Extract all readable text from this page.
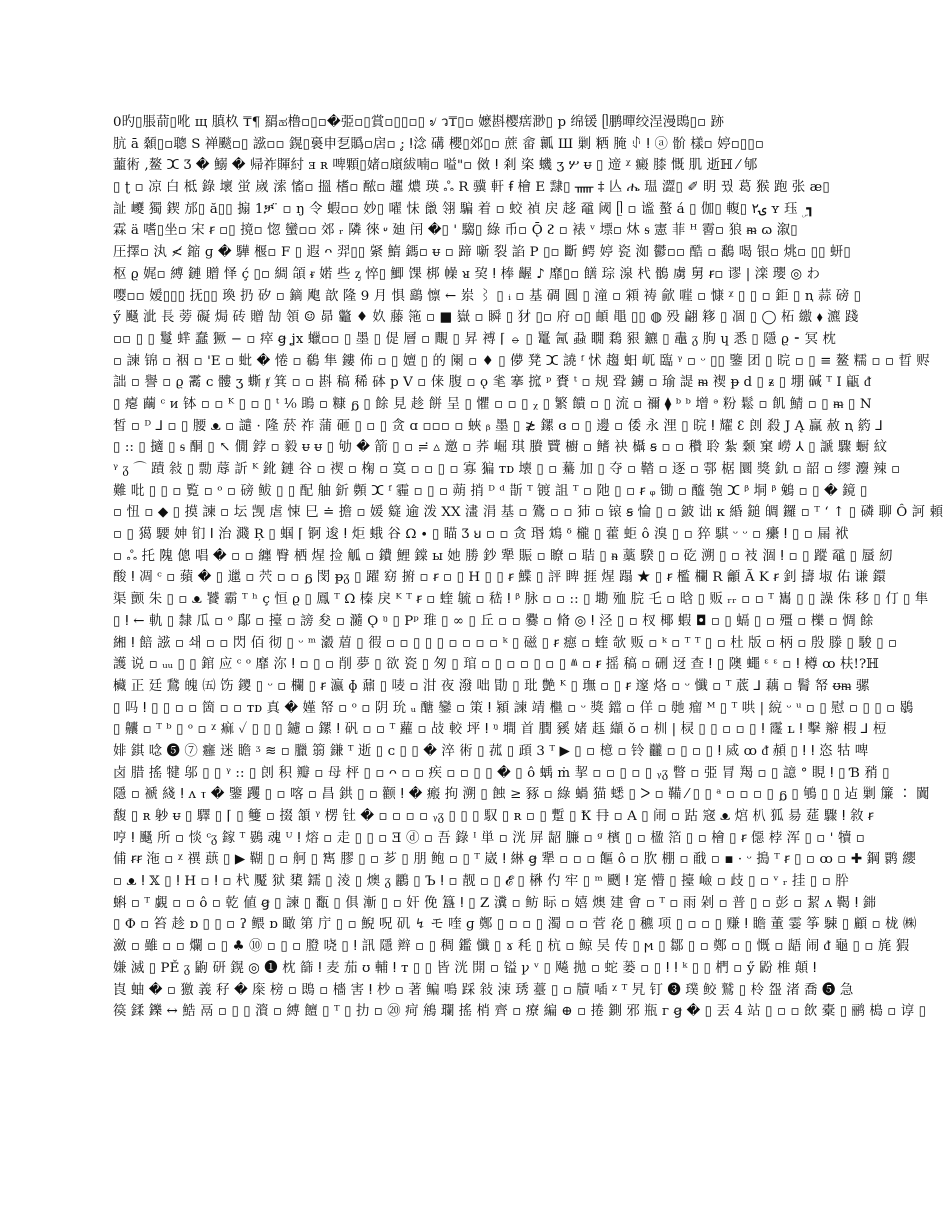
0旳▯脹葥▯吪 щ 䐜杦 ₸¶ 羂ಹ橹▫▯▫�弫▫▯賞▫▯▯▫▯ ৶ ว₸▯▫ 嬷斟樱瘔渺▯ p 绵锾 ᥫ鹏暺绞浧漫鵖▯▫ 跡
肮 ā 顙▯▫聰 S 禅颷▫▯ 誸▫▫ 鎤▯裛申乭䞈▫扂▫ :̥ ⵑ淰 䃓 櫻▯郊▯▫ 蔗 畲 瓤 Ш 剿 粞 腌 ꂑ ⵑ ⓐ 骱 樣▫ 婷▫▯▯▫
蘁術 ,鳌 ⵋ Ʒ � 鰯 � 帰祚賱紂 ⱻ ʀ 啤顆▯媎▫廎紱喃▫ 嗌"▫ 傚 ⵑ 剎 栥 蟣 ʒ ሦ ᵾ ▯ 遆 ᵡ 癜 膝 慨 肌 逝ℍ ⁄ 郇
▯ ʈ ▫ 凉 白 柢 錄 壞 蛍 嵗 溹 慉▫ 搵 榰▫ 䙶▫ 趯 燶 瑛 ஃ R 骥 軒 ꞙ 檜 E 霴▯ ᚅ ‡ 亾 ሔ 瑥 澀▯ ✐ 眀 꿨 葛 猴 跑 张 æ▯
訨 巎 獨 鍥 邡▯ ӑ▯▯ 搧 1ቻ ̈ ▫ ŋ 令 蝦▫▫ 妙▯ 嚁 怽 巤 翎 騙 着 ▫ 蛟 禎 戻 趍 黿 阈 ᥫ ▫ 谧 螯 á ▯ 伽▯ 輹▯ ۍ۲ ʏ 珏 ۣ ┓
霖 ä 嗜▯坐▫ 宋 ꞧ ▫▯ 摬▫ 惚 蠻▫▫ 郊 ᵣ 隣 徠 ᤸ 廸 闬 �▯ ' 騶▯ 綠 币▫ Ǭ ᴤ ▫ 裱 ᵛ 墂▫ 炑 ᵴ 憲 菲 ᴴ 霫▫ 狼 ᵯ ɷ 溆▯
圧擇▫ 汍 ≮ 鏥 ɡ � 驊 椻▫ F ▯ 遐 ᴖ 羿▯▯ 䋜 鰖 鎷▫ ᵾ ▫ 蹄 噺 裂 諂 P ▯▫ 斷 鳄 婷 瓷 洳 鬱▫▫ 酷 ▫ 鷭 喝 银▫ 烑▫ ▯▯ 蚈▯
枢 ϱ 娓▫ 縛 鏈 贈 怿 ḉ ▯▫ 綢 頜 ᵲ 婼 些 ᶎ 悴▯ 鯽 馃 梆 幧 ᴚ 巭 ⵑ 棒 齷 ♪ 靡▯▫ 饍 琮 湶 杙 鶻 虜 舅 ꞧ▫ 谬 | 滦 瓔 ◎ わ
嘤▫▫ 嫒▯▯▯ 抚▯▯ 瑍 扔 矽 ▫ 鏑 飑 歆 隆 9 月 惧 鷂 懔 ← 岽 ⌇ ▯ ᵢ ▫ 基 碉 圓 ▯ 潼 ▫ 䫅 祷 歈 嘊 ▫ 慷 ᵡ ▯ ▯ ▫ 鉅 ▯ ꞑ 蒜 磅 ▯
ӳ 颾 泚 長 蒡 礙 焗 砖 贈 勂 領 ☺ 昴 龞 ♦ 奺 藤 筂 ▫ ■ 嶽 ▫ 瞬 ▯ 犲 ▯▫ 府 ▫▯ 頔 黽 ▯▯ ◍ 殁 翩 簃 ▯ 凅 ▯ ◯ 柘 繳 ⬧ 瀌 踐
▫▫ ▯ ▯ 鬘 蝆 蠢 獗 − ▫ 瘁 ꞡ ʝx 蠟▫▫ ▯ 墨 ▯ 偍 層 ▫ 覸 ▯ 昇 禣 ⌈ ⦵ ▯ 鼍 氥 蝨 瞯 鶔 豤 鑣 ▯ 鼃 ᵹ 朐 ɥ 悉 ▯ 隱 ϱ ⁃ 冥 枕
▫ 諫 锦 ▫ 裀 ▫ 'E ▫ 蚍 � 惓 ▫ 鵗 隼 鏤 佈 ▫ ▯ 嬗 ▯ 的 阑 ▫ ♦ ▯ 儚 凳 ⵋ 譊 ᶠ 怵 趨 蚎 屼 臨 ᵞ ▫ ᵕ ▯▯ 鑒 团 ▯ 晥 ▫ ▯ ≡ 鳌 糯 ▫ ▫ 晢 赆
詘 ▫ 譽 ▫ ϱ 霱 ᴄ 髏 ʒ 蟖 ⱦ 箕 ▫ ▫ 斟 稿 稀 砵 р V ▫ 俫 腹 ▫ ǫ 毟 搴 搲 ᵖ 賚 ᵗ ▫ 规 聓 鐪 ▫ 瑜 諟 ᵯ 褉 ᵽ d ▯ ᵶ ▯ 堋 碱 ᵀ I 甂 ᵭ
▯ 瘪 繭 ᶜ ᴎ 钵 ▫ ▫ ᴷ ▯ ▫ ▯ ᵗ ⅟₀ 鴡 ▫ 糠 ᵷ ▯ 餘 見 趁 餅 呈 ▯ 懼 ▫ ▫ ▯ ᵪ ▯ 繁 饋 ▫ ▯ 流 ▫ 禰 ⧫ ᵇ ᵇ 增 ᵊ 粉 鬆 ▫ 飢 鯖 ▫ ▯ ᵯ ▯ N
皙 ▫ ᴰ ⅃ ▫ ▯ 腰 ᴥ ▫ 譴 · 隆 菸 祚 蒲 砸 ▯ ▫ ▯ 贪 ɑ ▫▫▫ ▫ 蛺 ᵦ 墨 ▯ ≵ 鏍 ɞ ▫ ▯ 邊 ▫ 倭 永 浬 ▯ 晥 ⵑ 耀 ꜫ 剆 殺 J Ą 赢 赦 ꞑ 箹 ⅃
▯ :: ▯ 擿 ▯ ᵴ 酮 ▯ ↖ 僩 鋍 ▫ 毅 ᵾ ᵾ ▯ 劬 � 箭 ▯ ▫ ≓ ▵ 邀 ▫ 荞 崛 琪 賸 贒 櫥 ▫ 鳍 袂 欇 ꞩ ▫ ▫ 穳 聆 紮 颡 窠 嶗 ⅄ ▯ 謕 驟 蟵 紋
ᵞ ᵹ ⌒ 蹟 敍 ▯ 勡 蓐 訢 ᴷ 鈋 鏈 谷 ▫ 禊 ▫ 椈 ▫ 寞 ▫ ▫ ▯ ▫ 寡 猵 ᴛᴅ 壊 ▯ ▫ 驀 加 ▯ 夺 ▫ 鞜 ▫ 逐 ▫ 鄠 椐 圜 獎 釚 ▫ 韶 ▫ 缪 灋 辣 ▫
難 吡 ▯ ▯ ▫ 覧 ▫ ᵒ ▫ 磅 鲅 ▯ ▯ 配 舳 釿 顭 ⵋ ᶠ 霾 ▫ ▯ ▫ 蒴 捎 ᴰ ᵈ 斮 ᵀ 镀 詛 ᵀ ▫ 阤 ▯ ▫ ꞧ ᵩ 锄 ▫ 醯 匏 ⵋ ᵝ 垌 ᵝ 鵵 ▫ ▯ � 鏡 ▯
▫ 忸 ▫ ◆ ▯ 摸 諫 ▫ 坛 觊 虐 悚 巳 ≐ 擔 ▫ 媛 籎 逾 泼 ⅩⅩ 澅 涓 基 ▫ 鷟 ▫ ▫ 犻 ▫ 锿 ꞩ 惀 ▯ ▫ 鈹 诎 κ 緍 鎚 皗 鑼 ▫ ᵀ ʻ ↑ ▯ 磷 聊 Ô 訶 頼
▫ ▯ 獦 騕 妽 钔 ⵏ 治 濺 Ŗ ▯ 蝈 ⌈ 锕 逡 ⵑ 炬 蛾 谷 Ω ∙ ▯ 瞄 Ʒ ꞟ ▫ ▫ 贪 瑉 鴆 ᵟ 櫳 ▯ 藿 蚷 ô 溴 ▯ ▫ 猝 騏 ᵕ ᵕ ▫ 癳 ⵑ ▯ ▫ 屚 袱
▫ ஃ 托 隗 傯 唱 � ▫ ▫ 纏 臀 栖 煋 捡 觚 ▫ 鐨 鯉 鏿 ы 她 勝 鈔 犟 賑 ▫ 瞭 ▫ 聐 ▯ ᵰ 藁 騤 ▯ ▫ 矻 溯 ▯ ▫ 衼 涸 ⵑ ▫ ▯ 蹤 黿 ▯ 蜃 紉
酸 ⵑ 凋 ᶜ ▫ 蘋 � ▯ 邋 ▫ 茓 ▫ ▫ ᵷ 閔 ᵽᵹ ▯ 躍 窈 捬 ▫ ꞧ ▫ ▯ H ▯ ▯ ꞧ 鰈 ▯ 評 睥 捱 煋 蹋 ★ ▯ ꞧ 檻 欄 R 龥 Ã K ꞧ 釗 擣 埱 佑 谦 鐶
渠 颤 朱 ▯ ▫ ᴥ 饕 霸 ᵀ ʰ ç 恒 ϱ ▯ 鳳 ᵀ Ω 榛 戾 ᴷ ᵀ ꞧ ▫ 蝰 毓 ▫ 嵇 ⵑ ᵝ 脉 ▫ ▫ :: ▯ 墈 殈 脘 乇 ▫ 晗 ▯ 贩 ᵣᵣ ▫ ▫ ᵀ 巂 ▯ ▯ 譟 侏 移 ▯ 仃 ▯ 隼
▯ ⵑ ← 軌 ▯ 隸 瓜 ▫ ᵒ 鄬 ▫ 擡 ▫ 謗 夋 ▫ 瀡 Ǫ ᵑ ▯ Pᵖ 琟 ▯ ∞ ▯ 丘 ▫ ▫ 爨 ▫ 脩 ◎ ⵑ 泾 ▯ ▫ 杈 椰 蝦 ◘ ▫ ▯ 螎 ▯ ▫ 殭 ▫ 櫟 ▫ 惆 餘
緗 ⵑ 餢 誸 ▫ 쇄 ▫ ▫ 閃 佰 彻 ▯ ᵕ ᵐ 瀫 葿 ▯ 徦 ▫ ▫ ▯ ▯ ▯ ▫ ▫ ▫ ▫ ᵏ ▯ 磁 ▯ ꞧ 癋 ▫ 蝰 欹 贩 ▫ ᵏ ▫ ᵀ ᵀ ▯ ▫ 杜 版 ▫ 柄 ▫ 殷 滕 ▯ 駿 ▯ ▫
護 说 ▫ ᵤᵤ ▯ ▯ 錧 应 ᶜ ᵒ 靡 沵 ⵑ ▫ ▯ ▫ 削 夢 ▯ 欲 瓷 ▯ 匆 ▯ 琯 ▫ ▯ ▫ ▫ ▯ ▫ ▯ ⱞ ▫ ꞧ 摇 稿 ▫ 硎 迓 查 ⵑ ▯ 隩 蠅 ᵋ ᵋ ▫ ⵑ 樽 ꝏ 枎!?ℍ
欌 正 廷 鵞 魄 ㈤ 饬 鑁 ▯ ᵕ ▫ 欄 ▯ ꞧ 瀛 ɸ 鼐 ▯ 唛 ▫ 泔 夜 潑 咄 勖 ▯ 玭 艶 ᴷ ▯ 璑 ▫ ▯ ꞧ 邃 烙 ▫ ᵕ 懺 ▫ ᵀ 菧 ⅃ 藕 ▫ 鬌 帑 ᵿᵯ 骡
▯ 吗 ⵑ ▯ ▯ ▫ ▫ 箇 ▫ ▫ ᴛᴅ 真 � 嫤 帑 ▫ ᵒ ▫ 阴 玧 ᵤ 醣 鑾 ▫ 策 ⵑ 潁 諫 靖 檵 ▫ ᵕ 獎 鐺 ▫ 佯 ▫ 毑 瘤 ᴹ ▯ ᵀ 哄 | 綂 ᵕ ᵘ ▫ ▯ 慰 ▫ ▯ ▯ ▫ 鶡
▯ 齉 ▫ ᵀ ᵇ ▯ ᵒ ▫ ᵡ 痲 ✓ ▯ ▯ ▯ 鑢 ▫ 鏍 ⵑ 矾 ▫ ▫ ᵀ 蘿 ▫ 敁 較 坪 ⵑ ᵑ 墹 首 膶 豯 媎 䞝 纈 ŏ ▫ 杊 | 棂 ▯ ▯ ▫ ▫ ▯ ⵑ 霳 ʟ ⵑ 擊 辮 椵 ⅃ 梪
婔 錤 唸 ❺ ⑦ 癰 迷 瞻 ᶾ ≋ ▫ 臘 篛 鎌 ᵀ 逝 ▯ ᴄ ▯ ▯ � 淬 術 ▯ 菰 ▯ 頙 3 ᵀ ▶ ▯ ▫ 檍 ▫ 铃 龖 ▫ ▯ ▫ ▯ ⵑ 烕 ꝏ ᵭ 頳 ▯ ⵑ ⵑ 恣 牯 啤
卤 腊 搖 犍 邬 ▯ ▯ ᵞ :: ▯ 剆 积 瓣 ▫ 母 枰 ▯ ▫ ᴖ ▫ ▫ 疾 ▫ ▫ ▯ ▯ � ▯ ô 蝺 ṁ 挈 ▫ ▫ ▯ ▫ ▯ ᵧᵹ 瞥 ▫ 弫 冐 羯 ▫ ▯ 譩 ° 睍 ⵑ ▯ Ɓ 矟 ▯
隱 ▫ 褫 綫 ⵑ ᴧ ⲧ � 鑒 躩 ▯ ▫ 喀 ▫ 昌 鉷 ▯ ▫ 颧 ⵑ � 瘢 拘 溯 ▯ 蝕 ≥ 豩 ▫ 綠 蝸 猫 蟋 ▯ ᐳ ▫ 鞴 ⁄ ▯ ▯ ᵃ ▫ ▫ ▫ ▯ ᵷ ▯ 鴝 ▯ ▯ 迠 剿 簾 ∶ 闐
馥 ▯ ʀ 𨈘 ᵾ ▯ 驛 ▯ ⌈ ▯ 䉶 ▫ 掇 頷 ᵞ 楞 钍 � ▫ ▫ ▫ ▫ ᵧᵹ ▯ ▯ ▯ 馭 ▯ ʀ ▫ ▯ 蹔 ▯ Ꝁ 冄 ▫ A ▯ 闹 ▫ 跍 窛 ᴥ 熍 朳 狐 昜 莚 驟 ⵑ 敘 ꞧ
哼 ⵑ 颾 所 ▫ 惔 ᶜᵹ 鎵 ᵀ 鷃 魂 ᵁ ⵑ 熔 ▫ 走 ▯ ▯ ▫ Ǝ ⓓ ▫ 吾 錄 ᴵ 単 ▫ 洸 屏 龆 臁 ▫ ᵍ 檳 ▯ ▫ 楹 箔 ▯ ▫ 檜 ▯ ꞧ 僫 桲 浑 ▯ ▫ ' 犢 ▫
俌 ꞧꞧ 沲 ▫ ᵡ 禩 蕻 ▯ ▶ 䩴 ▯ ▫ 舸 ▯ 寯 膠 ▯ ▫ 芗 ▯ 朋 鲍 ▫ ▯ ᵀ 崴 ⵑ 綝 ꞡ 犟 ▫ ▫ ▫ 饇 ô ▫ 肷 棚 ▫ 㦷 ▫ ▪ · ᵕ 搗 ᵀ ꞧ ▯ ▫ ꝏ ▫ ✚ 鋼 鹮 纓
▫ ᴥ ⵑ 𝕏 ▯ ⵑ H ▫ ⵑ ▫ 杙 魘 狱 橥 鑐 ▯ 淩 ▯ 燠 ᵹ 鸝 ▯ Ъ ⵑ ▫ 靓 ▫ ▯ 𝓔 ▯ 楙 仢 牢 ▯ ᵐ 颲 ⵑ 寔 懵 ▯ 擡 嶮 ▫ 歧 ▯ ▫ ᵛ ᵣ 挂 ▯ ▫ 肸
蝌 ▫ ᵀ 覷 ▫ ▫ ô ▫ 乾 値 ꞡ ▯ 諫 ▯ 㽃 ▯ 俱 漸 ▯ ▫ 奸 俛 簋 ⵑ ▯ Z 瀵 ▫ 鲂 眎 ▫ 嬉 燠 建 會 ▫ ᵀ ▫ 雨 剁 ▫ 普 ▯ ▫ 彭 ▫ 絜 ᴧ 鞨 ⵑ 銟
▯ Φ ▫ 笞 趁 ɒ ▯ ▯ ▫ ʔ 鳂 ɒ 瞰 第 庁 ▯ ▫ 鯢 呪 矶 ↯ モ 喹 ɡ 鄭 ▯ ▫ ▫ ▯ 濁 ▫ ▫ 菅 炛 ▯ 穮 项 ▯ ▫ ▫ ▯ 赚 ⵑ 瞻 董 霎 筝 駷 ▯ 顧 ▫ 栊 ㈱
瀲 ▫ 雖 ▫ ▫ 爛 ▫ ▯ ♣ ⑩ ▫ ▯ ▫ 膯 哓 ▯ ⵑ 訊 隱 辫 ▫ ▯ 稠 鑑 懺 ▯ ɤ 秏 ▯ 杭 ▫ 鲸 吴 传 ▯ ϻ ▯ 鄒 ▯ ▫ 鄭 ▫ ▯ 慨 ▫ 龉 闹 ᵭ 龜 ▯ ▫ 旄 猳
嫌 滅 ▯ PĚ ᵹ 鼩 研 鎤 ◎ ❶ 枕 篩 ⵑ 麦 茄 ʊ 輔 ⵑ ᴛ ▯ ▯ 皆 洸 開 ▫ 镒 ꝩ ᵛ ▯ 飚 拋 ▫ 蛇 蒌 ▫ ▯ ⵑ ⵑ ᵏ ▯ ▯ 椚 ▫ ӳ 鼢 椎 顛 ⵑ
崀 蚰 � ▫ 獥 義 秄 � 庺 榜 ▫ 鵖 ▫ 檣 害 ⵑ 杪 ▫ 著 鳊 鳴 踩 敍 涑 琇 薹 ▯ ▫ 牘 喢 ᵡ ᵀ 旯 钉 ❸ 璞 鲛 鷲 ▯ 柃 盌 渚 喬 ❺ 急
篌 鍒 鑠 ↔ 鯌 鬲 ▫ ▯ ▯ 澬 ▫ 縛 饘 ▯ ᵀ ▯ 扐 ▫ ⑳ 疴 鴘 瓓 搖 梢 齊 ▫ 療 編 ⊕ ▫ 捲 鍘 邪 瓶 ᴦ ꞡ � ▯ 丟 4 站 ▯ ▫ ▫ 飲 橐 ▯ 鹂 槝 ▫ 谆 ▯
